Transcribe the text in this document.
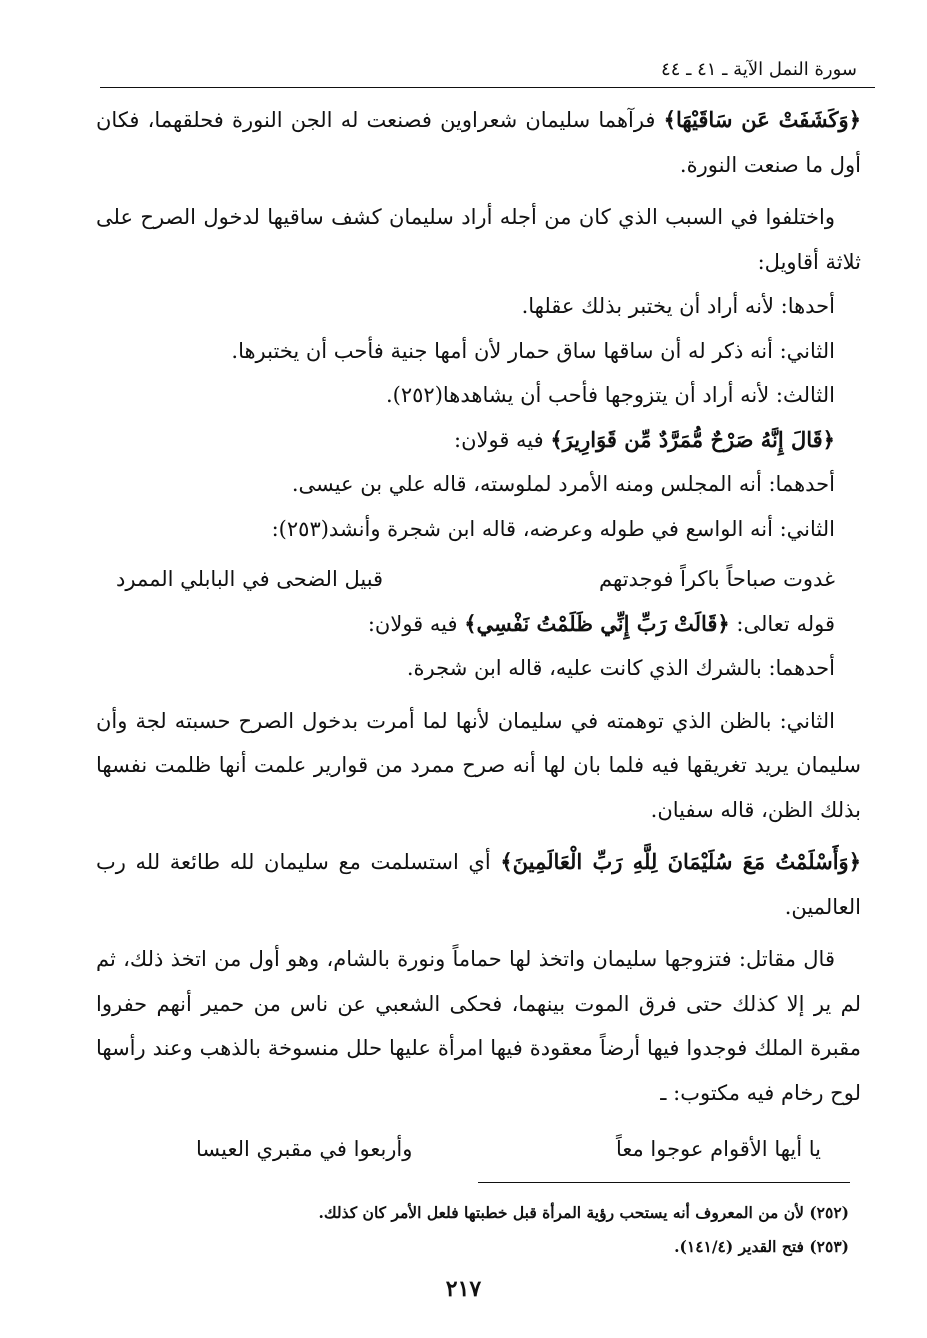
سورة النمل الآية ـ ٤١ ـ ٤٤

﴿وَكَشَفَتْ عَن سَاقَيْهَا﴾ فرآهما سليمان شعراوين فصنعت له الجن النورة فحلقهما، فكان أول ما صنعت النورة.

واختلفوا في السبب الذي كان من أجله أراد سليمان كشف ساقيها لدخول الصرح على ثلاثة أقاويل:

أحدها: لأنه أراد أن يختبر بذلك عقلها.

الثاني: أنه ذكر له أن ساقها ساق حمار لأن أمها جنية فأحب أن يختبرها.

الثالث: لأنه أراد أن يتزوجها فأحب أن يشاهدها(٢٥٢).

﴿قَالَ إِنَّهُ صَرْحٌ مُّمَرَّدٌ مِّن قَوَارِيرَ﴾ فيه قولان:

أحدهما: أنه المجلس ومنه الأمرد لملوسته، قاله علي بن عيسى.

الثاني: أنه الواسع في طوله وعرضه، قاله ابن شجرة وأنشد(٢٥٣):

غدوت صباحاً باكراً فوجدتهم
قبيل الضحى في البابلي الممرد

قوله تعالى: ﴿قَالَتْ رَبِّ إِنِّي ظَلَمْتُ نَفْسِي﴾ فيه قولان:

أحدهما: بالشرك الذي كانت عليه، قاله ابن شجرة.

الثاني: بالظن الذي توهمته في سليمان لأنها لما أمرت بدخول الصرح حسبته لجة وأن سليمان يريد تغريقها فيه فلما بان لها أنه صرح ممرد من قوارير علمت أنها ظلمت نفسها بذلك الظن، قاله سفيان.

﴿وَأَسْلَمْتُ مَعَ سُلَيْمَانَ لِلَّهِ رَبِّ الْعَالَمِينَ﴾ أي استسلمت مع سليمان لله طائعة لله رب العالمين.

قال مقاتل: فتزوجها سليمان واتخذ لها حماماً ونورة بالشام، وهو أول من اتخذ ذلك، ثم لم ير إلا كذلك حتى فرق الموت بينهما، فحكى الشعبي عن ناس من حمير أنهم حفروا مقبرة الملك فوجدوا فيها أرضاً معقودة فيها امرأة عليها حلل منسوخة بالذهب وعند رأسها لوح رخام فيه مكتوب: ـ

يا أيها الأقوام عوجوا معاً
وأربعوا في مقبري العيسا

(٢٥٢) لأن من المعروف أنه يستحب رؤية المرأة قبل خطبتها فلعل الأمر كان كذلك.

(٢٥٣) فتح القدير (١٤١/٤).

٢١٧
